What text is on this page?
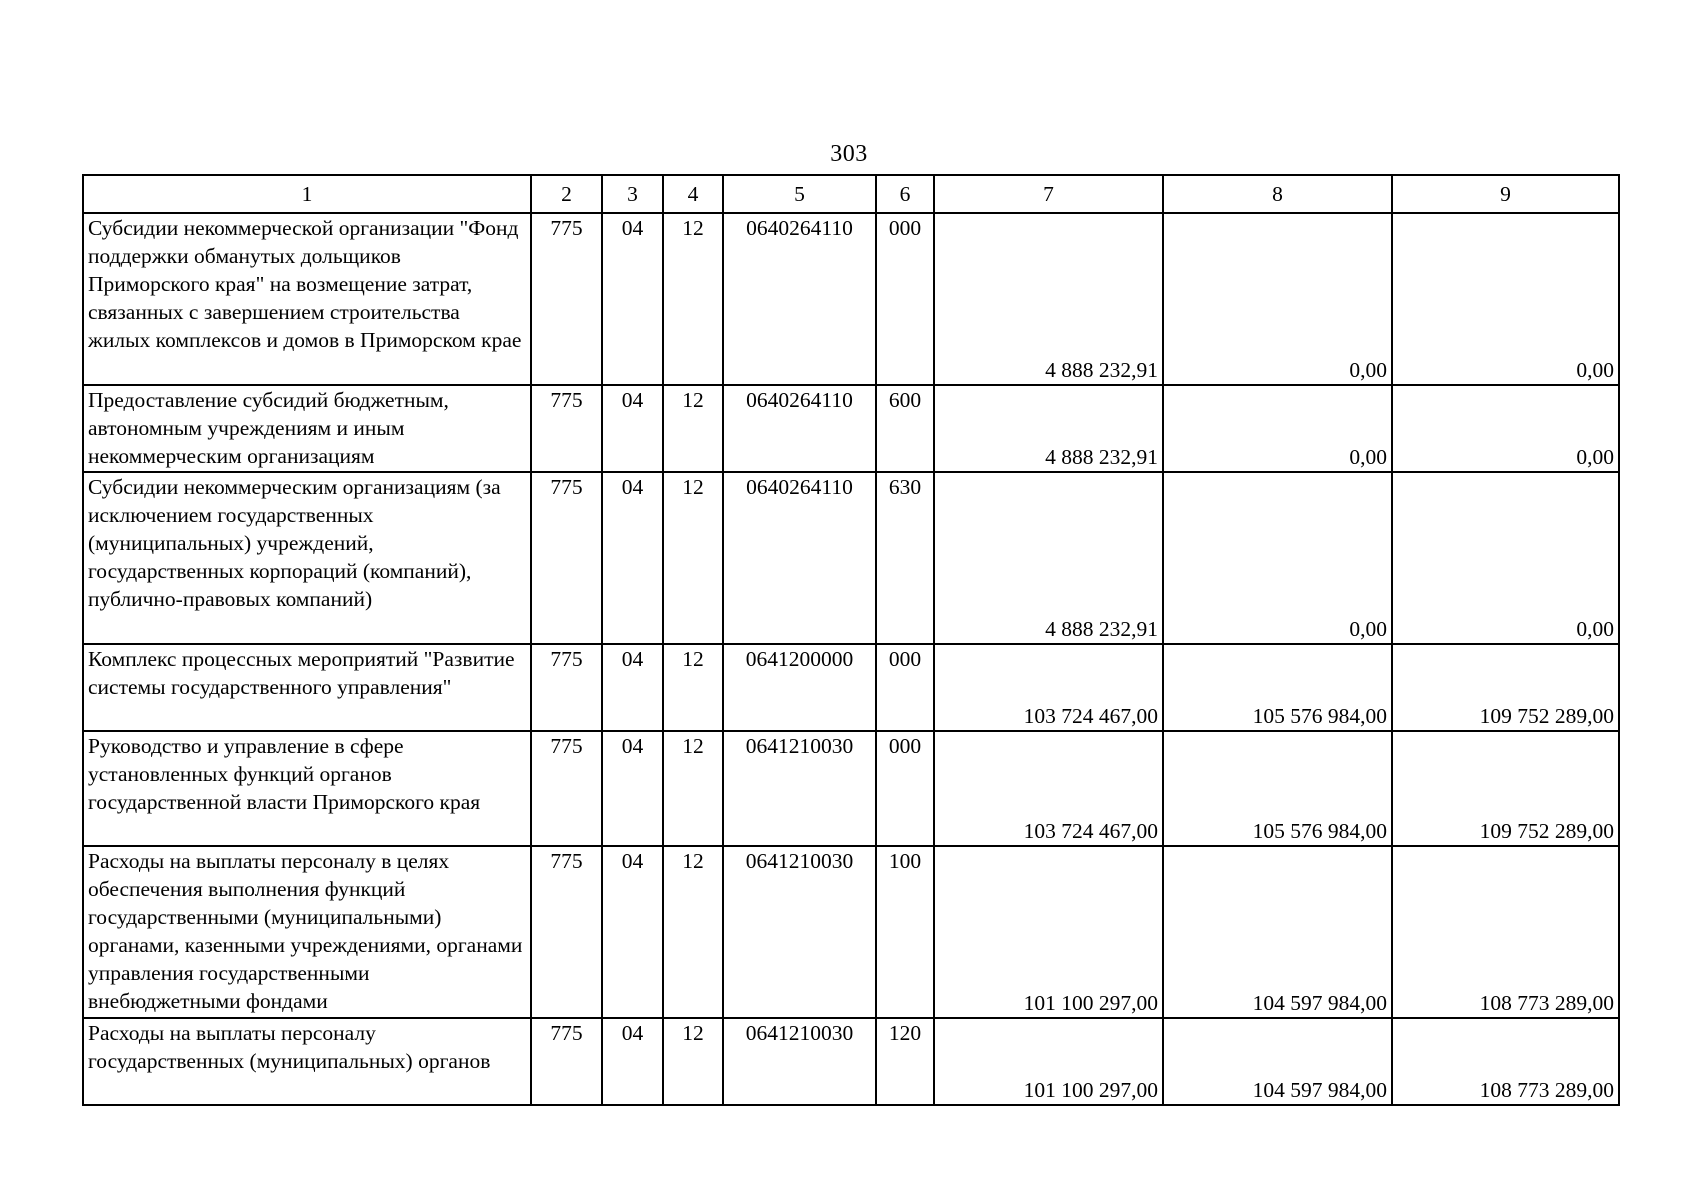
303
1	2	3	4	5	6	7	8	9
Субсидии некоммерческой организации "Фонд поддержки обманутых дольщиков Приморского края" на возмещение затрат, связанных с завершением строительства жилых комплексов и домов в Приморском крае	775	04	12	0640264110	000	4 888 232,91	0,00	0,00
Предоставление субсидий бюджетным, автономным учреждениям и иным некоммерческим организациям	775	04	12	0640264110	600	4 888 232,91	0,00	0,00
Субсидии некоммерческим организациям (за исключением государственных (муниципальных) учреждений, государственных корпораций (компаний), публично-правовых компаний)	775	04	12	0640264110	630	4 888 232,91	0,00	0,00
Комплекс процессных мероприятий "Развитие системы государственного управления"	775	04	12	0641200000	000	103 724 467,00	105 576 984,00	109 752 289,00
Руководство и управление в сфере установленных функций органов государственной власти Приморского края	775	04	12	0641210030	000	103 724 467,00	105 576 984,00	109 752 289,00
Расходы на выплаты персоналу в целях обеспечения выполнения функций государственными (муниципальными) органами, казенными учреждениями, органами управления государственными внебюджетными фондами	775	04	12	0641210030	100	101 100 297,00	104 597 984,00	108 773 289,00
Расходы на выплаты персоналу государственных (муниципальных) органов	775	04	12	0641210030	120	101 100 297,00	104 597 984,00	108 773 289,00
